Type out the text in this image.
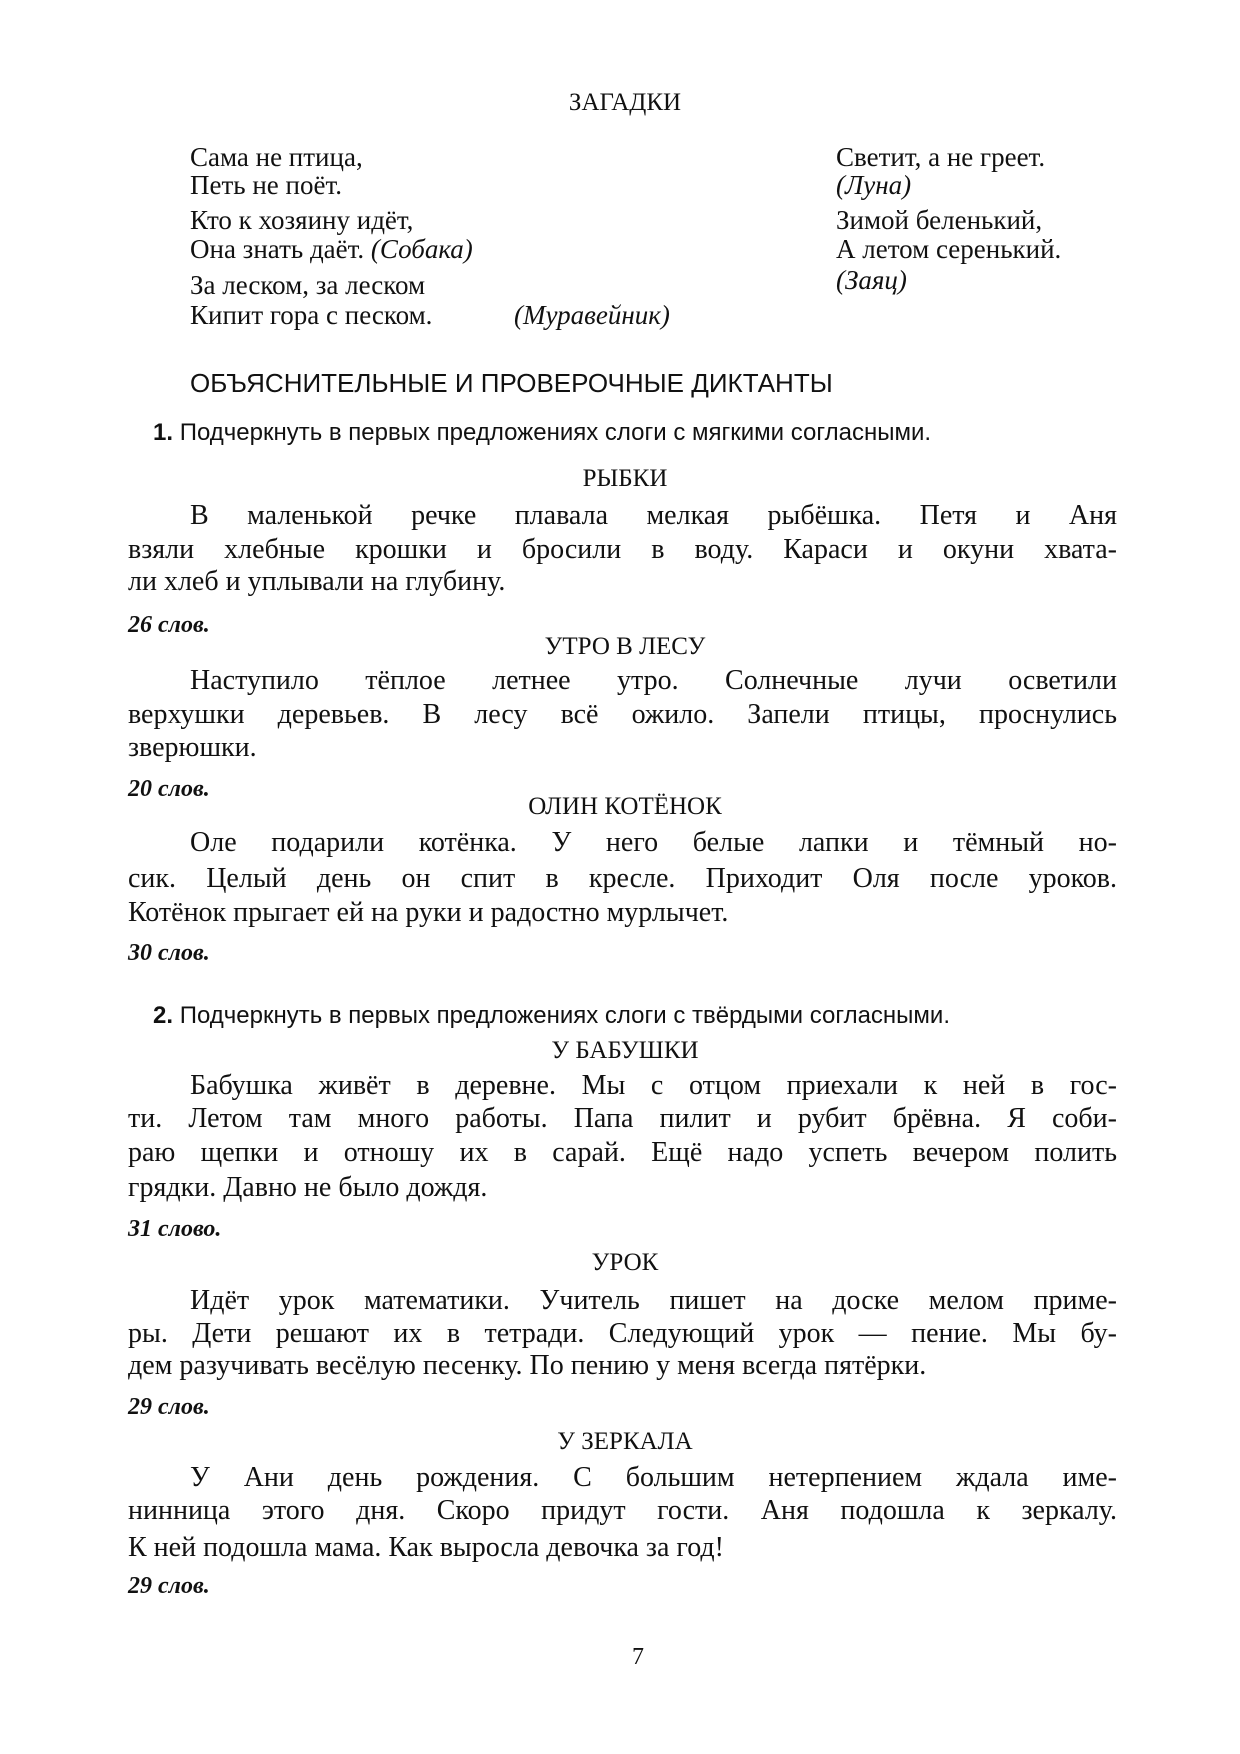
ЗАГАДКИ
Сама не птица,
Петь не поёт.
Кто к хозяину идёт,
Она знать даёт. (Собака)
За леском, за леском
Кипит гора с песком.	(Муравейник)
Светит, а не греет.
(Луна)
Зимой беленький,
А летом серенький.
(Заяц)
ОБЪЯСНИТЕЛЬНЫЕ И ПРОВЕРОЧНЫЕ ДИКТАНТЫ
1. Подчеркнуть в первых предложениях слоги с мягкими согласными.
РЫБКИ
В маленькой речке плавала мелкая рыбёшка. Петя и Аня
взяли хлебные крошки и бросили в воду. Караси и окуни хвата-
ли хлеб и уплывали на глубину.
26 слов.
УТРО В ЛЕСУ
Наступило тёплое летнее утро. Солнечные лучи осветили
верхушки деревьев. В лесу всё ожило. Запели птицы, проснулись
зверюшки.
20 слов.
ОЛИН КОТЁНОК
Оле подарили котёнка. У него белые лапки и тёмный но-
сик. Целый день он спит в кресле. Приходит Оля после уроков.
Котёнок прыгает ей на руки и радостно мурлычет.
30 слов.
2. Подчеркнуть в первых предложениях слоги с твёрдыми согласными.
У БАБУШКИ
Бабушка живёт в деревне. Мы с отцом приехали к ней в гос-
ти. Летом там много работы. Папа пилит и рубит брёвна. Я соби-
раю щепки и отношу их в сарай. Ещё надо успеть вечером полить
грядки. Давно не было дождя.
31 слово.
УРОК
Идёт урок математики. Учитель пишет на доске мелом приме-
ры. Дети решают их в тетради. Следующий урок — пение. Мы бу-
дем разучивать весёлую песенку. По пению у меня всегда пятёрки.
29 слов.
У ЗЕРКАЛА
У Ани день рождения. С большим нетерпением ждала име-
нинница этого дня. Скоро придут гости. Аня подошла к зеркалу.
К ней подошла мама. Как выросла девочка за год!
29 слов.
7
